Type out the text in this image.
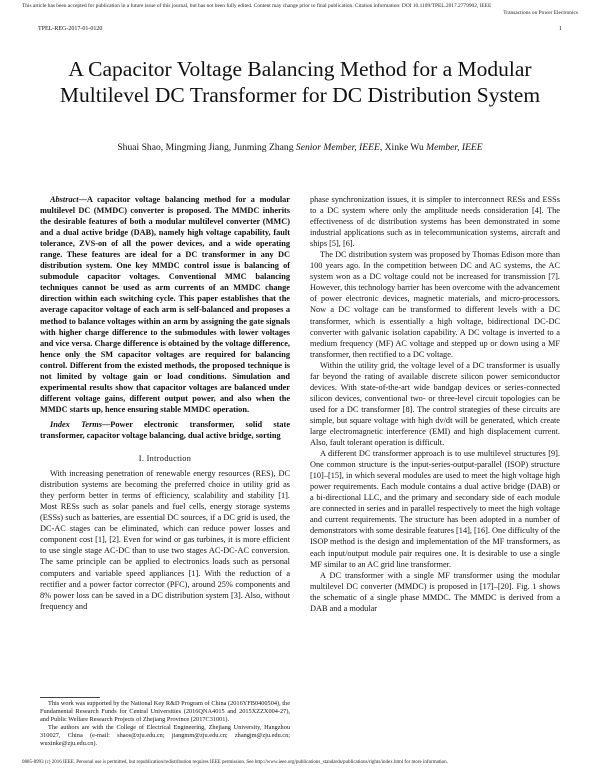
This article has been accepted for publication in a future issue of this journal, but has not been fully edited. Content may change prior to final publication. Citation information: DOI 10.1109/TPEL.2017.2779902, IEEE
Transactions on Power Electronics
TPEL-REG-2017-01-0120	1
A Capacitor Voltage Balancing Method for a Modular Multilevel DC Transformer for DC Distribution System
Shuai Shao, Mingming Jiang, Junming Zhang Senior Member, IEEE, Xinke Wu Member, IEEE

Abstract—A capacitor voltage balancing method for a modular multilevel DC (MMDC) converter is proposed. The MMDC inherits the desirable features of both a modular multilevel converter (MMC) and a dual active bridge (DAB), namely high voltage capability, fault tolerance, ZVS-on of all the power devices, and a wide operating range. These features are ideal for a DC transformer in any DC distribution system. One key MMDC control issue is balancing of submodule capacitor voltages. Conventional MMC balancing techniques cannot be used as arm currents of an MMDC change direction within each switching cycle. This paper establishes that the average capacitor voltage of each arm is self-balanced and proposes a method to balance voltages within an arm by assigning the gate signals with higher charge difference to the submodules with lower voltages and vice versa. Charge difference is obtained by the voltage difference, hence only the SM capacitor voltages are required for balancing control. Different from the existed methods, the proposed technique is not limited by voltage gain or load conditions. Simulation and experimental results show that capacitor voltages are balanced under different voltage gains, different output power, and also when the MMDC starts up, hence ensuring stable MMDC operation.

Index Terms—Power electronic transformer, solid state transformer, capacitor voltage balancing, dual active bridge, sorting

I. Introduction

With increasing penetration of renewable energy resources (RES), DC distribution systems are becoming the preferred choice in utility grid as they perform better in terms of efficiency, scalability and stability [1]. Most RESs such as solar panels and fuel cells, energy storage systems (ESSs) such as batteries, are essential DC sources, if a DC grid is used, the DC-AC stages can be eliminated, which can reduce power losses and component cost [1], [2]. Even for wind or gas turbines, it is more efficient to use single stage AC-DC than to use two stages AC-DC-AC conversion. The same principle can be applied to electronics loads such as personal computers and variable speed appliances [1]. With the reduction of a rectifier and a power factor corrector (PFC), around 25% components and 8% power loss can be saved in a DC distribution system [3]. Also, without frequency and

This work was supported by the National Key R&D Program of China (2016YFB0400504), the Fundamental Research Funds for Central Universities (2016QNA4015 and 2015XZZX004-27), and Public Welfare Research Projects of Zhejiang Province (2017C31001).

The authors are with the College of Electrical Engineering, Zhejiang University, Hangzhou 310027, China (e-mail: shaos@zju.edu.cn; jiangmm@zju.edu.cn; zhangjm@zju.edu.cn; wuxinke@zju.edu.cn).

phase synchronization issues, it is simpler to interconnect RESs and ESSs to a DC system where only the amplitude needs consideration [4]. The effectiveness of dc distribution systems has been demonstrated in some industrial applications such as in telecommunication systems, aircraft and ships [5], [6].

The DC distribution system was proposed by Thomas Edison more than 100 years ago. In the competition between DC and AC systems, the AC system won as a DC voltage could not be increased for transmission [7]. However, this technology barrier has been overcome with the advancement of power electronic devices, magnetic materials, and micro-processors. Now a DC voltage can be transformed to different levels with a DC transformer, which is essentially a high voltage, bidirectional DC-DC converter with galvanic isolation capability. A DC voltage is inverted to a medium frequency (MF) AC voltage and stepped up or down using a MF transformer, then rectified to a DC voltage.

Within the utility grid, the voltage level of a DC transformer is usually far beyond the rating of available discrete silicon power semiconductor devices. With state-of-the-art wide bandgap devices or series-connected silicon devices, conventional two- or three-level circuit topologies can be used for a DC transformer [8]. The control strategies of these circuits are simple, but square voltage with high dv/dt will be generated, which create large electromagnetic interference (EMI) and high displacement current. Also, fault tolerant operation is difficult.

A different DC transformer approach is to use multilevel structures [9]. One common structure is the input-series-output-parallel (ISOP) structure [10]–[15], in which several modules are used to meet the high voltage high power requirements. Each module contains a dual active bridge (DAB) or a bi-directional LLC, and the primary and secondary side of each module are connected in series and in parallel respectively to meet the high voltage and current requirements. The structure has been adopted in a number of demonstrators with some desirable features [14], [16]. One difficulty of the ISOP method is the design and implementation of the MF transformers, as each input/output module pair requires one. It is desirable to use a single MF similar to an AC grid line transformer.

A DC transformer with a single MF transformer using the modular multilevel DC converter (MMDC) is proposed in [17]–[20]. Fig. 1 shows the schematic of a single phase MMDC. The MMDC is derived from a DAB and a modular

0885-8993 (c) 2016 IEEE. Personal use is permitted, but republication/redistribution requires IEEE permission. See http://www.ieee.org/publications_standards/publications/rights/index.html for more information.
